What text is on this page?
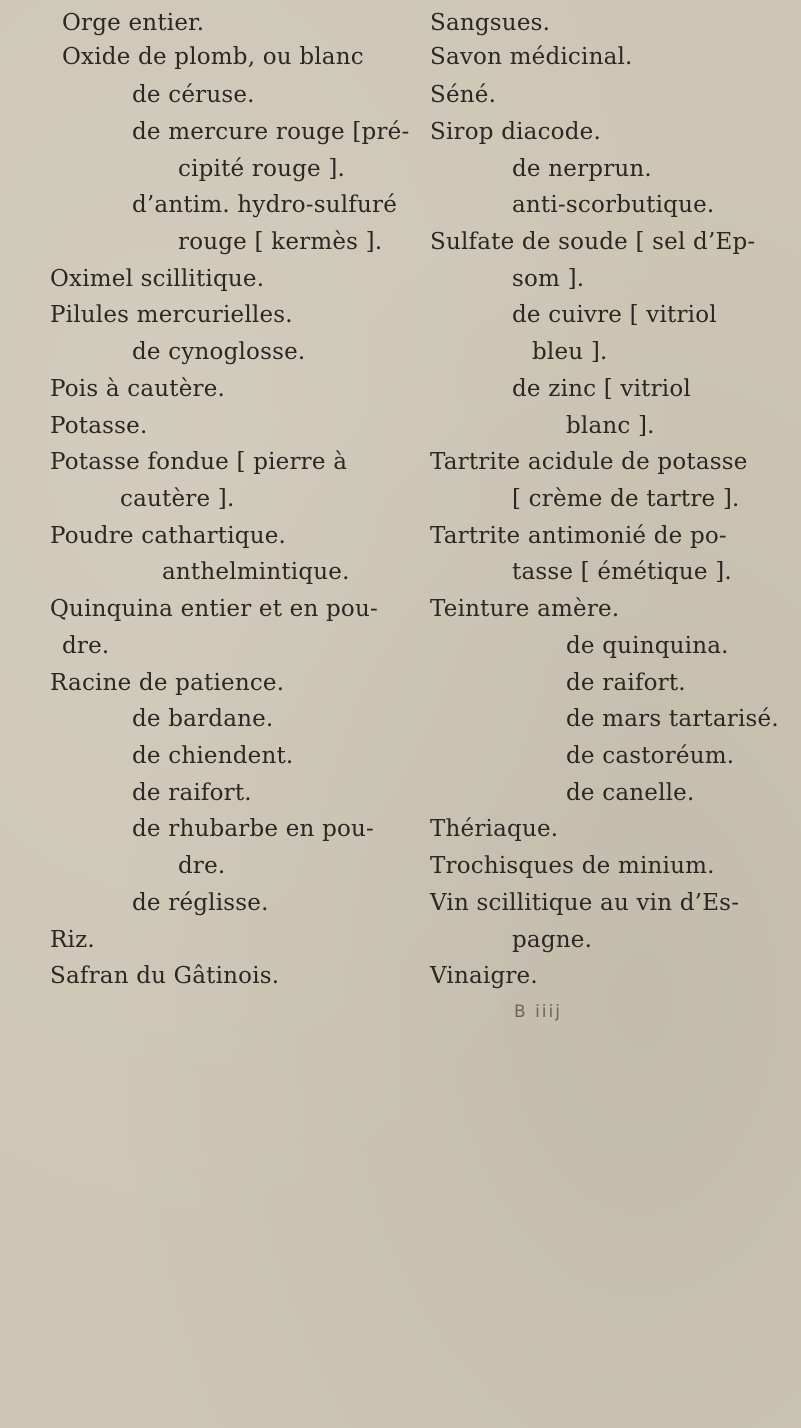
Orge entier.
Oxide de plomb, ou blanc
de céruse.
de mercure rouge [pré-
cipité rouge ].
d’antim. hydro-sulfuré
rouge [ kermès ].
Oximel scillitique.
Pilules mercurielles.
de cynoglosse.
Pois à cautère.
Potasse.
Potasse fondue [ pierre à
cautère ].
Poudre cathartique.
anthelmintique.
Quinquina entier et en pou-
dre.
Racine de patience.
de bardane.
de chiendent.
de raifort.
de rhubarbe en pou-
dre.
de réglisse.
Riz.
Safran du Gâtinois.
Sangsues.
Savon médicinal.
Séné.
Sirop diacode.
de nerprun.
anti-scorbutique.
Sulfate de soude [ sel d’Ep-
som ].
de cuivre [ vitriol
bleu ].
de zinc [ vitriol
blanc ].
Tartrite acidule de potasse
[ crème de tartre ].
Tartrite antimonié de po-
tasse [ émétique ].
Teinture amère.
de quinquina.
de raifort.
de mars tartarisé.
de castoréum.
de canelle.
Thériaque.
Trochisques de minium.
Vin scillitique au vin d’Es-
pagne.
Vinaigre.
B iiij
